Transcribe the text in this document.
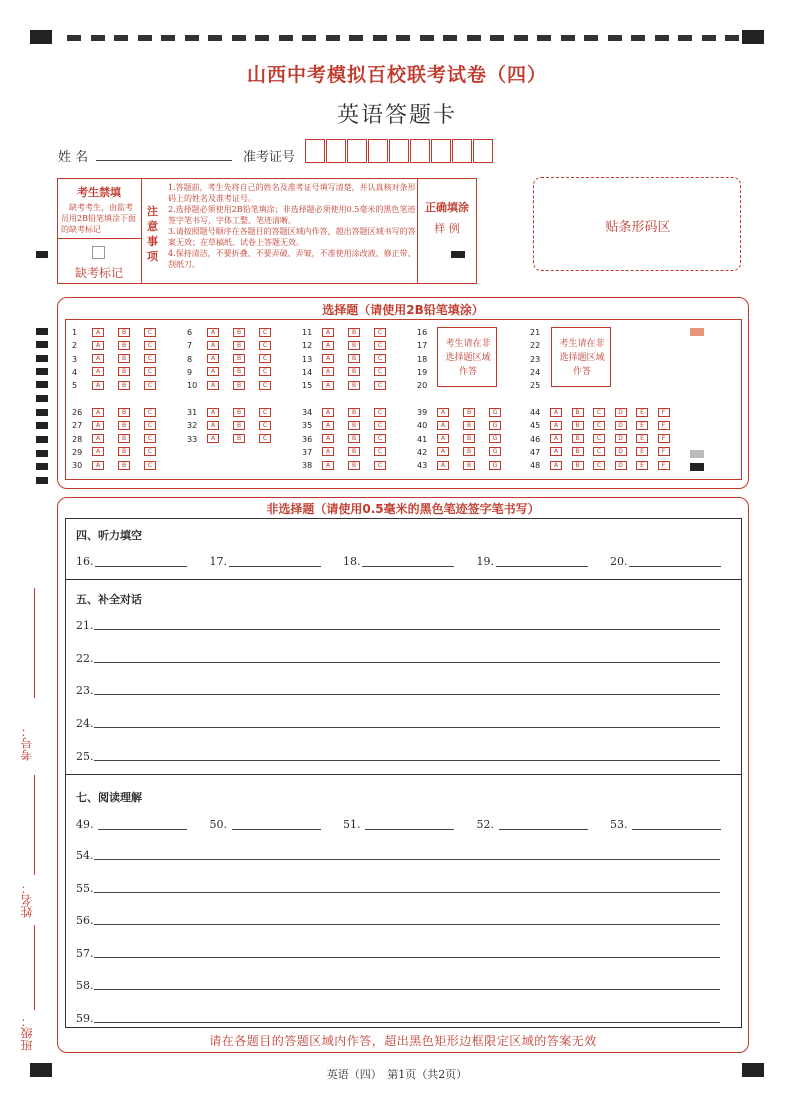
山西中考模拟百校联考试卷（四）
英语答题卡
姓 名	准考证号
考生禁填
缺考考生，由监考员用2B铅笔填涂下面的缺考标记
缺考标记
注意事项
1.答题前，考生先将自己的姓名及准考证号填写清楚，并认真核对条形码上的姓名及准考证号。
2.选择题必须使用2B铅笔填涂；非选择题必须使用0.5毫米的黑色笔迹签字笔书写，字体工整、笔迹清晰。
3.请按照题号顺序在各题目的答题区域内作答，超出答题区域书写的答案无效；在草稿纸、试卷上答题无效。
4.保持清洁，不要折叠、不要弄破、弄皱，不准使用涂改液、修正带、刮纸刀。
正确填涂
样 例	贴条形码区
选择题（请使用2B铅笔填涂）
1	A	B	C
2	A	B	C
3	A	B	C
4	A	B	C
5	A	B	C
6	A	B	C
7	A	B	C
8	A	B	C
9	A	B	C
10	A	B	C
11	A	B	C
12	A	B	C
13	A	B	C
14	A	B	C
15	A	B	C
16
17
18
19
20
21
22
23
24
25
26	A	B	C
27	A	B	C
28	A	B	C
29	A	B	C
30	A	B	C
31	A	B	C
32	A	B	C
33	A	B	C
34	A	B	C
35	A	B	C
36	A	B	C
37	A	B	C
38	A	B	C
39	A	B	G
40	A	B	G
41	A	B	G
42	A	B	G
43	A	B	G
44	A	B	C	D	E	F
45	A	B	C	D	E	F
46	A	B	C	D	E	F
47	A	B	C	D	E	F
48	A	B	C	D	E	F
考生请在非选择题区域作答
考生请在非选择题区域作答
非选择题（请使用0.5毫米的黑色笔迹签字笔书写）
四、听力填空
16.	17.	18.	19.	20.
五、补全对话
21.
22.
23.
24.
25.
七、阅读理解
49.	50.	51.	52.	53.
54.
55.
56.
57.
58.
59.
请在各题目的答题区域内作答，超出黑色矩形边框限定区域的答案无效
考号：
姓名：
班级：
英语（四）　第1页（共2页）
